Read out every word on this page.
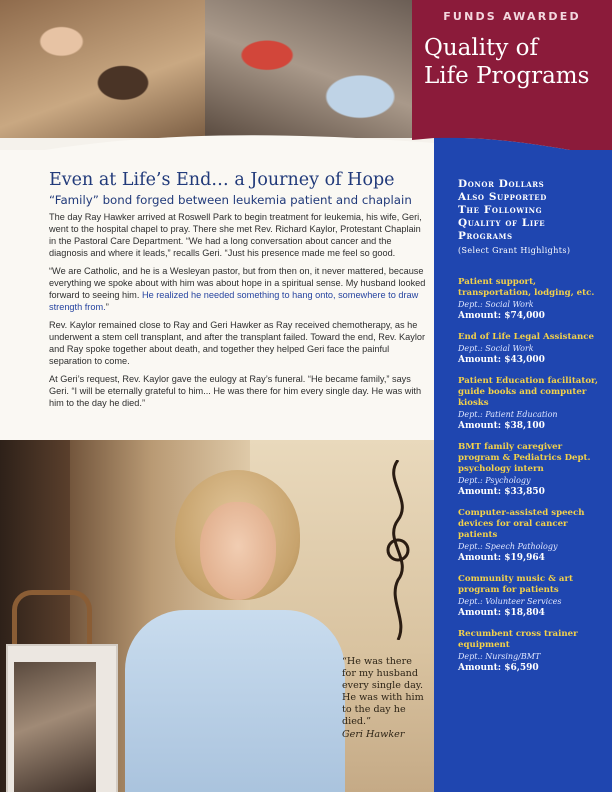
FUNDS AWARDED
Quality of
Life Programs
Even at Life’s End… a Journey of Hope
“Family” bond forged between leukemia patient and chaplain

The day Ray Hawker arrived at Roswell Park to begin treatment for leukemia, his wife, Geri, went to the hospital chapel to pray. There she met Rev. Richard Kaylor, Protestant Chaplain in the Pastoral Care Department. “We had a long conversation about cancer and the diagnosis and where it leads,” recalls Geri. “Just his presence made me feel so good.

“We are Catholic, and he is a Wesleyan pastor, but from then on, it never mattered, because everything we spoke about with him was about hope in a spiritual sense. My husband looked forward to seeing him. He realized he needed something to hang onto, somewhere to draw strength from.”

Rev. Kaylor remained close to Ray and Geri Hawker as Ray received chemotherapy, as he underwent a stem cell transplant, and after the transplant failed. Toward the end, Rev. Kaylor and Ray spoke together about death, and together they helped Geri face the painful separation to come.

At Geri’s request, Rev. Kaylor gave the eulogy at Ray’s funeral. “He became family,” says Geri. “I will be eternally grateful to him... He was there for him every single day. He was with him to the day he died.”

Donor Dollars
Also Supported
The Following
Quality of Life
Programs
(Select Grant Highlights)
Patient support, transportation, lodging, etc.
Dept.: Social Work
Amount: $74,000
End of Life Legal Assistance
Dept.: Social Work
Amount: $43,000
Patient Education facilitator, guide books and computer kiosks
Dept.: Patient Education
Amount: $38,100
BMT family caregiver program & Pediatrics Dept. psychology intern
Dept.: Psychology
Amount: $33,850
Computer-assisted speech devices for oral cancer patients
Dept.: Speech Pathology
Amount: $19,964
Community music & art program for patients
Dept.: Volunteer Services
Amount: $18,804
Recumbent cross trainer equipment
Dept.: Nursing/BMT
Amount: $6,590
“He was there for my husband every single day. He was with him to the day he died.”
Geri Hawker
